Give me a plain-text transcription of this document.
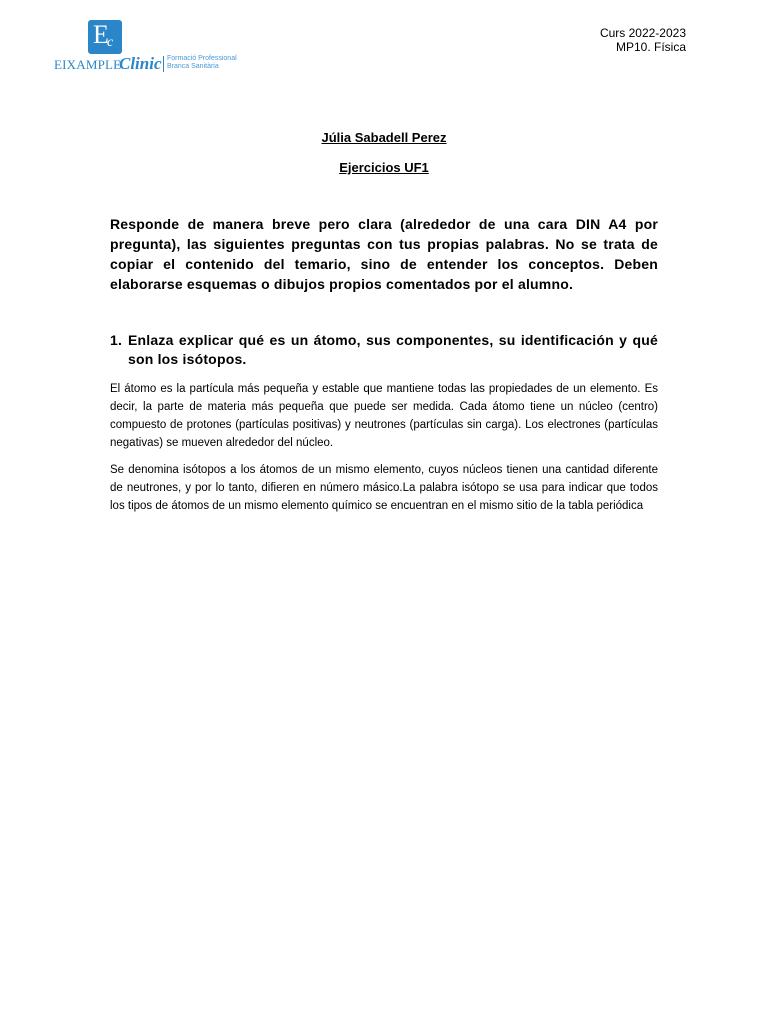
E
c
EIXAMPLE
Clinic Formació Professional
Branca Sanitària
Curs 2022-2023
MP10. Física
Júlia Sabadell Perez
Ejercicios UF1
Responde de manera breve pero clara (alrededor de una cara DIN A4 por pregunta), las siguientes preguntas con tus propias palabras. No se trata de copiar el contenido del temario, sino de entender los conceptos. Deben elaborarse esquemas o dibujos propios comentados por el alumno.
1. Enlaza explicar qué es un átomo, sus componentes, su identificación y qué son los isótopos.
El átomo es la partícula más pequeña y estable que mantiene todas las propiedades de un elemento. Es decir, la parte de materia más pequeña que puede ser medida. Cada átomo tiene un núcleo (centro) compuesto de protones (partículas positivas) y neutrones (partículas sin carga). Los electrones (partículas negativas) se mueven alrededor del núcleo.
Se denomina isótopos a los átomos de un mismo elemento, cuyos núcleos tienen una cantidad diferente de neutrones, y por lo tanto, difieren en número másico.La palabra isótopo se usa para indicar que todos los tipos de átomos de un mismo elemento químico se encuentran en el mismo sitio de la tabla periódica
